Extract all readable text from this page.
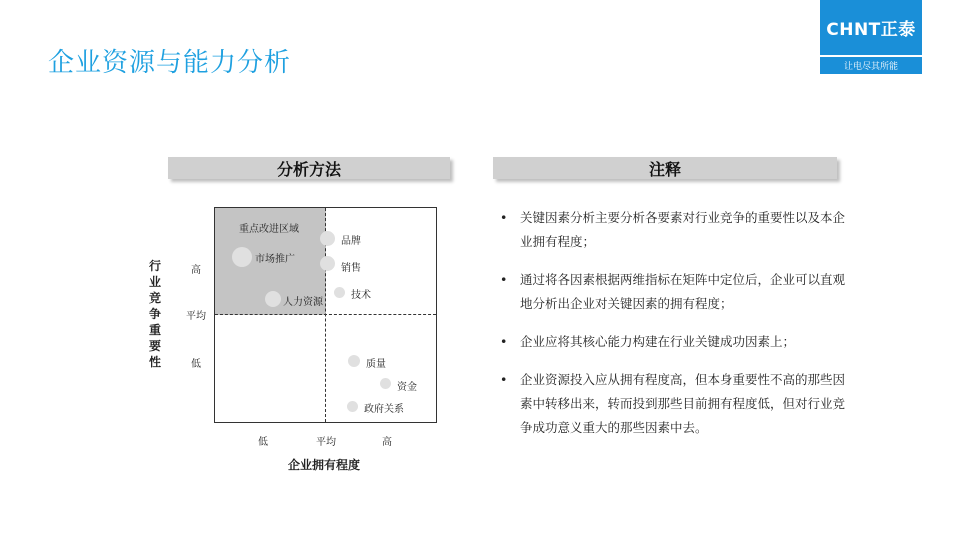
企业资源与能力分析
CHNT正泰
让电尽其所能
分析方法	注释
重点改进区域
品牌
市场推广
销售
技术
人力资源
质量
资金
政府关系
行业竞争重要性
高
平均
低
低	平均	高
企业拥有程度
• 关键因素分析主要分析各要素对行业竞争的重要性以及本企业拥有程度；
• 通过将各因素根据两维指标在矩阵中定位后，企业可以直观地分析出企业对关键因素的拥有程度；
• 企业应将其核心能力构建在行业关键成功因素上；
• 企业资源投入应从拥有程度高，但本身重要性不高的那些因素中转移出来，转而投到那些目前拥有程度低，但对行业竞争成功意义重大的那些因素中去。
